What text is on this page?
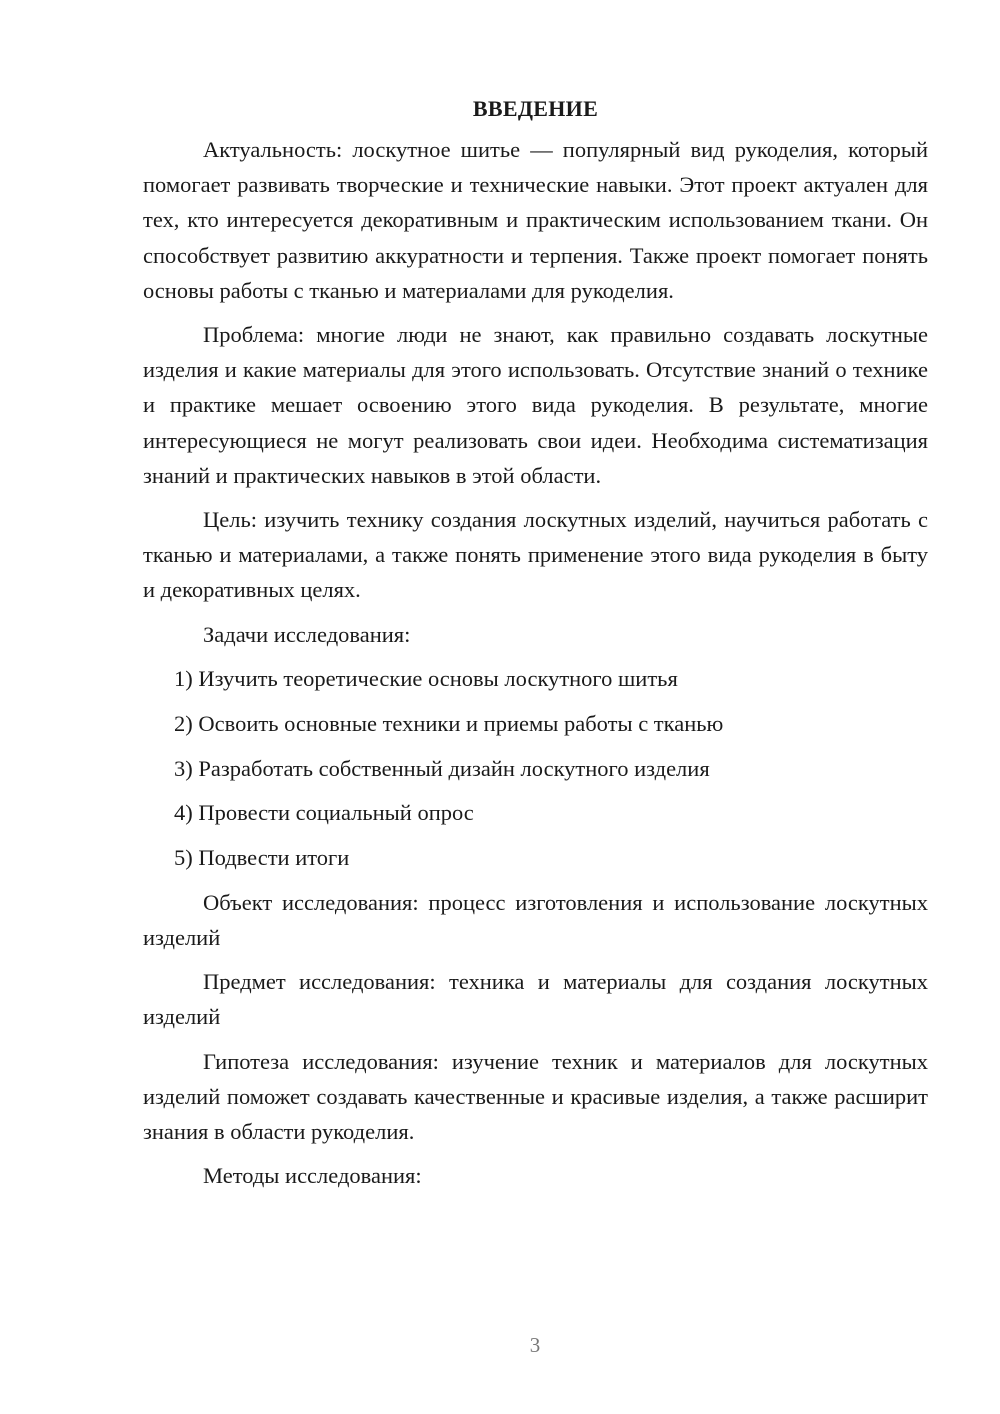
ВВЕДЕНИЕ

Актуальность: лоскутное шитье — популярный вид рукоделия, который помогает развивать творческие и технические навыки. Этот проект актуален для тех, кто интересуется декоративным и практическим использованием ткани. Он способствует развитию аккуратности и терпения. Также проект помогает понять основы работы с тканью и материалами для рукоделия.

Проблема: многие люди не знают, как правильно создавать лоскутные изделия и какие материалы для этого использовать. Отсутствие знаний о технике и практике мешает освоению этого вида рукоделия. В результате, многие интересующиеся не могут реализовать свои идеи. Необходима систематизация знаний и практических навыков в этой области.

Цель: изучить технику создания лоскутных изделий, научиться работать с тканью и материалами, а также понять применение этого вида рукоделия в быту и декоративных целях.

Задачи исследования:
1) Изучить теоретические основы лоскутного шитья
2) Освоить основные техники и приемы работы с тканью
3) Разработать собственный дизайн лоскутного изделия
4) Провести социальный опрос
5) Подвести итоги

Объект исследования: процесс изготовления и использование лоскутных изделий

Предмет исследования: техника и материалы для создания лоскутных изделий

Гипотеза исследования: изучение техник и материалов для лоскутных изделий поможет создавать качественные и красивые изделия, а также расширит знания в области рукоделия.

Методы исследования:
3
